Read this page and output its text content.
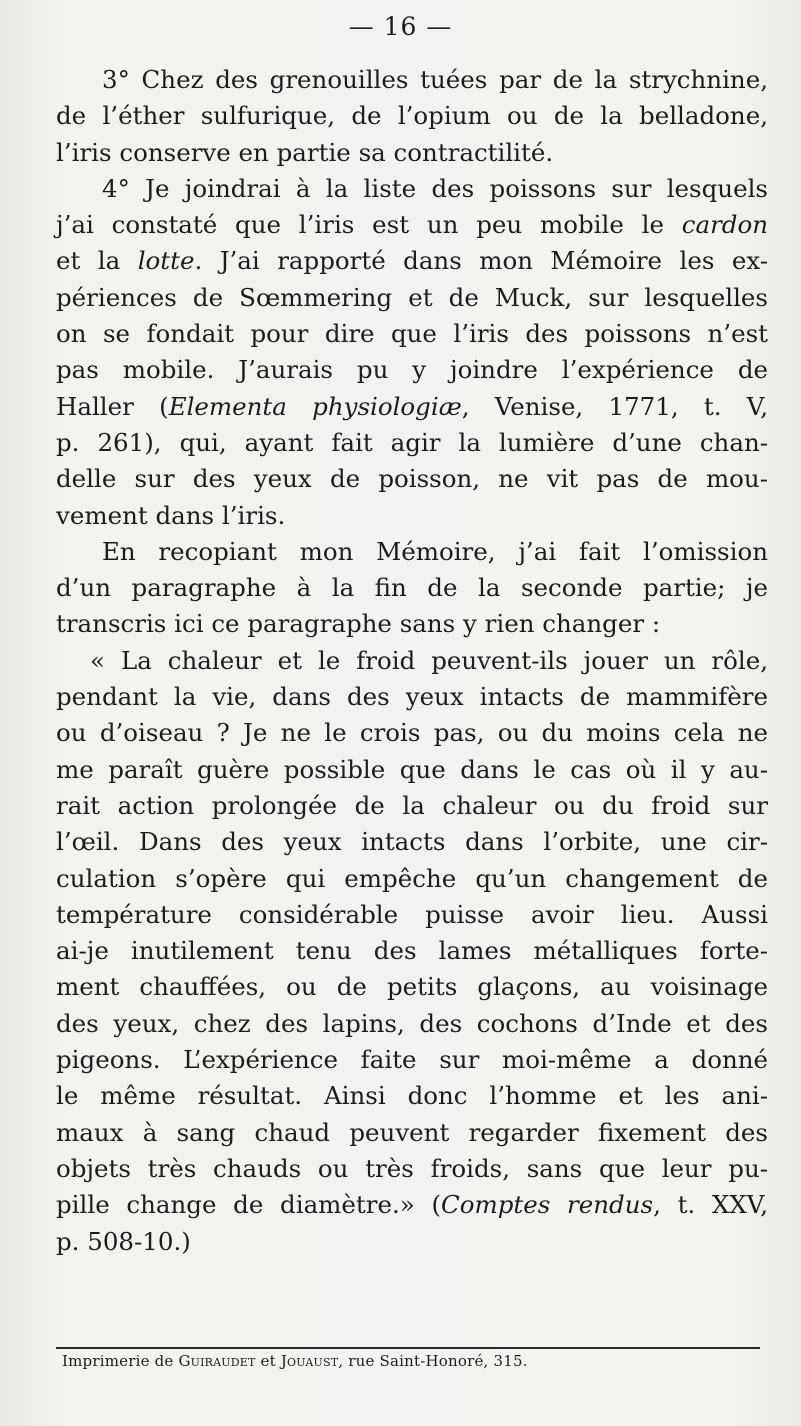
— 16 —
3° Chez des grenouilles tuées par de la strychnine,
de l’éther sulfurique, de l’opium ou de la belladone,
l’iris conserve en partie sa contractilité.
4° Je joindrai à la liste des poissons sur lesquels
j’ai constaté que l’iris est un peu mobile le cardon
et la lotte. J’ai rapporté dans mon Mémoire les ex-
périences de Sœmmering et de Muck, sur lesquelles
on se fondait pour dire que l’iris des poissons n’est
pas mobile. J’aurais pu y joindre l’expérience de
Haller (Elementa physiologiæ, Venise, 1771, t. V,
p. 261), qui, ayant fait agir la lumière d’une chan-
delle sur des yeux de poisson, ne vit pas de mou-
vement dans l’iris.
En recopiant mon Mémoire, j’ai fait l’omission
d’un paragraphe à la fin de la seconde partie; je
transcris ici ce paragraphe sans y rien changer :
« La chaleur et le froid peuvent-ils jouer un rôle,
pendant la vie, dans des yeux intacts de mammifère
ou d’oiseau ? Je ne le crois pas, ou du moins cela ne
me paraît guère possible que dans le cas où il y au-
rait action prolongée de la chaleur ou du froid sur
l’œil. Dans des yeux intacts dans l’orbite, une cir-
culation s’opère qui empêche qu’un changement de
température considérable puisse avoir lieu. Aussi
ai-je inutilement tenu des lames métalliques forte-
ment chauffées, ou de petits glaçons, au voisinage
des yeux, chez des lapins, des cochons d’Inde et des
pigeons. L’expérience faite sur moi-même a donné
le même résultat. Ainsi donc l’homme et les ani-
maux à sang chaud peuvent regarder fixement des
objets très chauds ou très froids, sans que leur pu-
pille change de diamètre.» (Comptes rendus, t. XXV,
p. 508-10.)
Imprimerie de Guiraudet et Jouaust, rue Saint-Honoré, 315.
